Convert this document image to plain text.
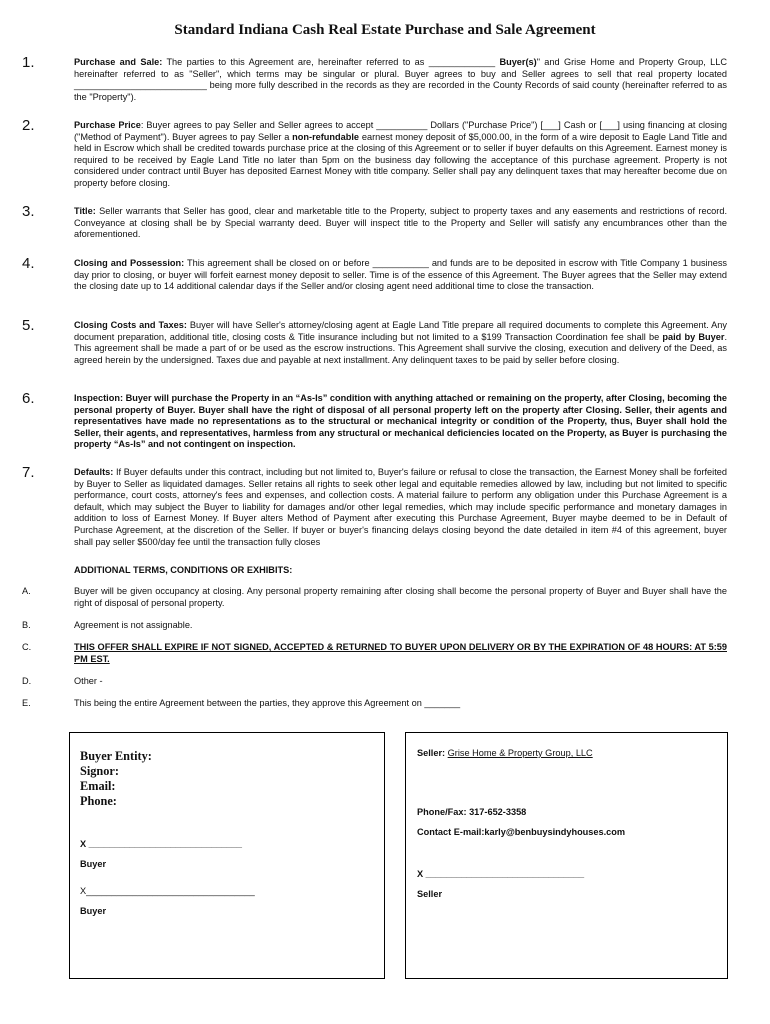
Standard Indiana Cash Real Estate Purchase and Sale Agreement
1.	Purchase and Sale: The parties to this Agreement are, hereinafter referred to as _____________ Buyer(s)" and Grise Home and Property Group, LLC hereinafter referred to as "Seller", which terms may be singular or plural. Buyer agrees to buy and Seller agrees to sell that real property located __________________________ being more fully described in the records as they are recorded in the County Records of said county (hereinafter referred to as the "Property").
2.	Purchase Price: Buyer agrees to pay Seller and Seller agrees to accept __________ Dollars ("Purchase Price") [___] Cash or [___] using financing at closing ("Method of Payment"). Buyer agrees to pay Seller a non-refundable earnest money deposit of $5,000.00, in the form of a wire deposit to Eagle Land Title and held in Escrow which shall be credited towards purchase price at the closing of this Agreement or to seller if buyer defaults on this Agreement. Earnest money is required to be received by Eagle Land Title no later than 5pm on the business day following the acceptance of this purchase agreement. Property is not considered under contract until Buyer has deposited Earnest Money with title company. Seller shall pay any delinquent taxes that may hereafter become due on property before closing.
3.	Title: Seller warrants that Seller has good, clear and marketable title to the Property, subject to property taxes and any easements and restrictions of record. Conveyance at closing shall be by Special warranty deed. Buyer will inspect title to the Property and Seller will satisfy any encumbrances other than the aforementioned.
4.	Closing and Possession: This agreement shall be closed on or before ___________ and funds are to be deposited in escrow with Title Company 1 business day prior to closing, or buyer will forfeit earnest money deposit to seller. Time is of the essence of this Agreement. The Buyer agrees that the Seller may extend the closing date up to 14 additional calendar days if the Seller and/or closing agent need additional time to close the transaction.
5.	Closing Costs and Taxes: Buyer will have Seller's attorney/closing agent at Eagle Land Title prepare all required documents to complete this Agreement. Any document preparation, additional title, closing costs & Title insurance including but not limited to a $199 Transaction Coordination fee shall be paid by Buyer. This agreement shall be made a part of or be used as the escrow instructions. This Agreement shall survive the closing, execution and delivery of the Deed, as agreed herein by the undersigned. Taxes due and payable at next installment. Any delinquent taxes to be paid by seller before closing.
6.	Inspection: Buyer will purchase the Property in an “As-Is” condition with anything attached or remaining on the property, after Closing, becoming the personal property of Buyer. Buyer shall have the right of disposal of all personal property left on the property after Closing. Seller, their agents and representatives have made no representations as to the structural or mechanical integrity or condition of the Property, thus, Buyer shall hold the Seller, their agents, and representatives, harmless from any structural or mechanical deficiencies located on the Property, as Buyer is purchasing the property “As-Is” and not contingent on inspection.
7.	Defaults: If Buyer defaults under this contract, including but not limited to, Buyer's failure or refusal to close the transaction, the Earnest Money shall be forfeited by Buyer to Seller as liquidated damages. Seller retains all rights to seek other legal and equitable remedies allowed by law, including but not limited to specific performance, court costs, attorney's fees and expenses, and collection costs. A material failure to perform any obligation under this Purchase Agreement is a default, which may subject the Buyer to liability for damages and/or other legal remedies, which may include specific performance and monetary damages in addition to loss of Earnest Money. If Buyer alters Method of Payment after executing this Purchase Agreement, Buyer maybe deemed to be in Default of Purchase Agreement, at the discretion of the Seller. If buyer or buyer's financing delays closing beyond the date detailed in item #4 of this agreement, buyer shall pay seller $500/day fee until the transaction fully closes
ADDITIONAL TERMS, CONDITIONS OR EXHIBITS:
A.	Buyer will be given occupancy at closing. Any personal property remaining after closing shall become the personal property of Buyer and Buyer shall have the right of disposal of personal property.
B.	Agreement is not assignable.
C.	THIS OFFER SHALL EXPIRE IF NOT SIGNED, ACCEPTED & RETURNED TO BUYER UPON DELIVERY OR BY THE EXPIRATION OF 48 HOURS: AT 5:59 PM EST.
D.	Other -
E.	This being the entire Agreement between the parties, they approve this Agreement on _______
Buyer Entity:
Signor:
Email:
Phone:
X ______________________________
Buyer
X_________________________________
Buyer
Seller: Grise Home & Property Group, LLC
Phone/Fax: 317-652-3358
Contact E-mail:karly@benbuysindyhouses.com
X _______________________________
Seller
